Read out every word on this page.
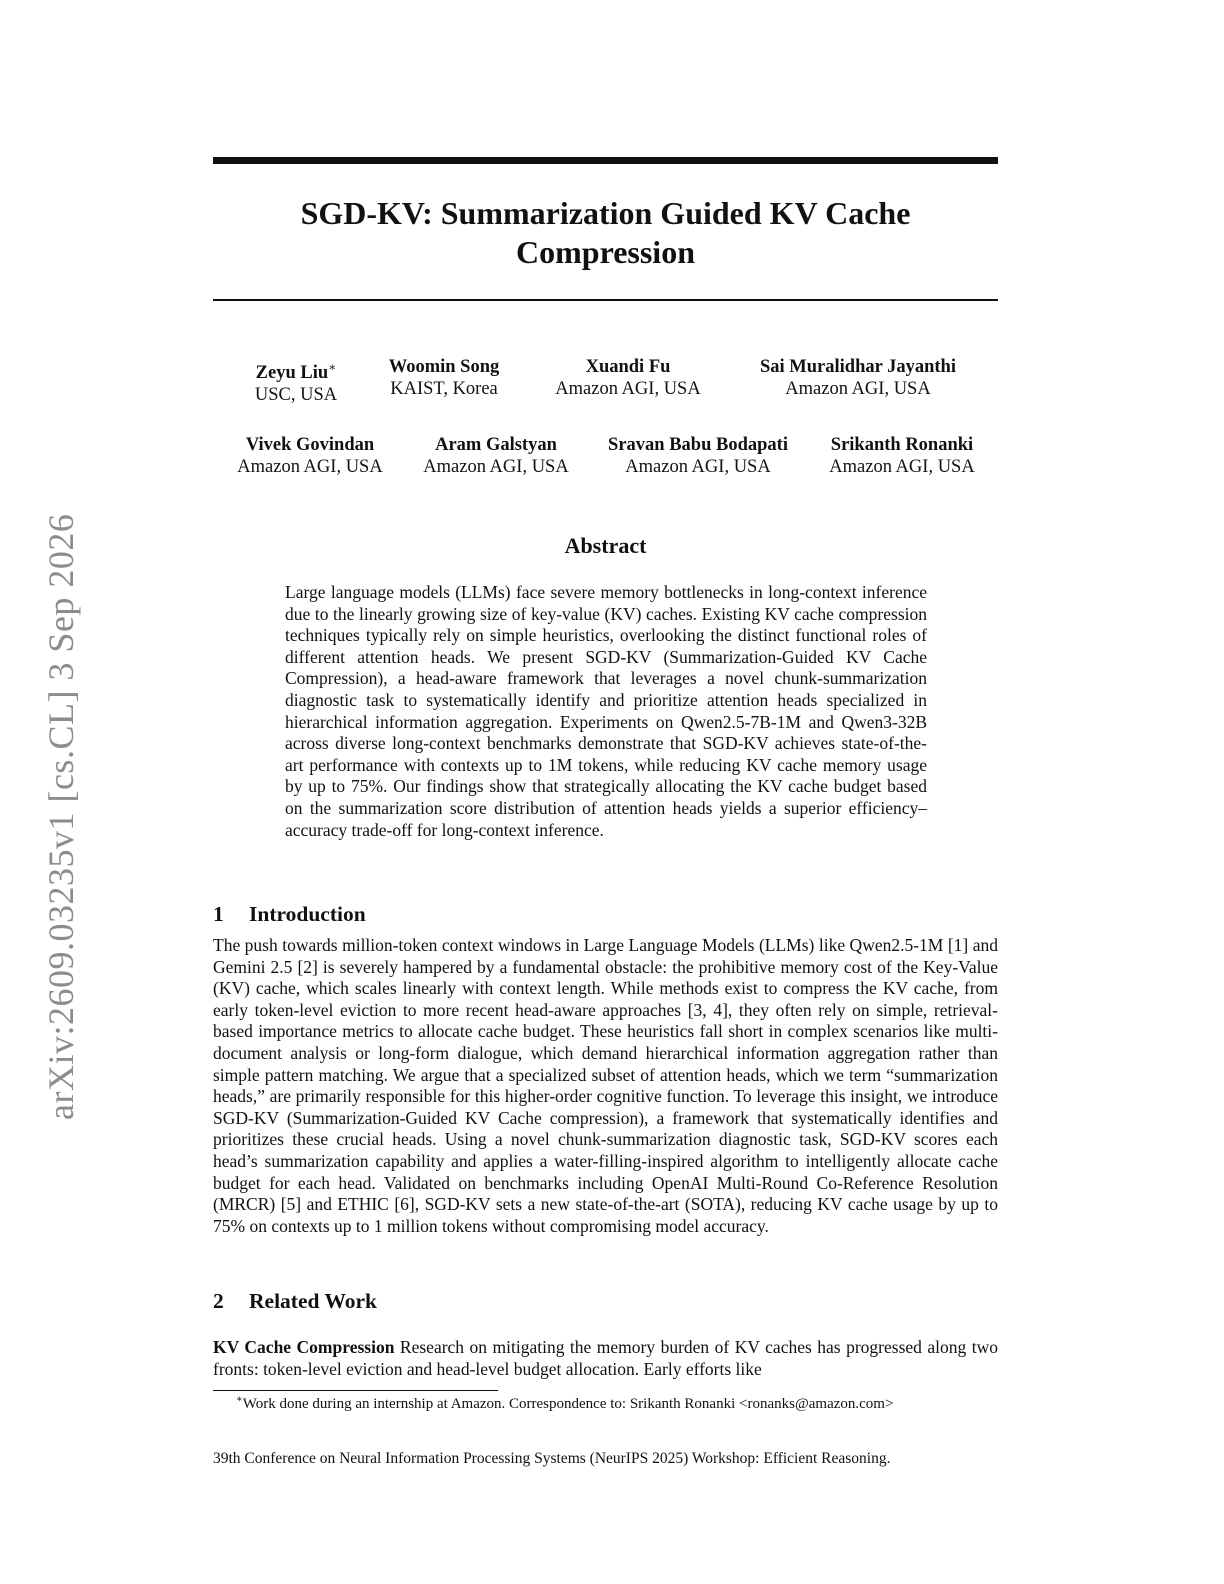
arXiv:2609.03235v1 [cs.CL] 3 Sep 2026
SGD-KV: Summarization Guided KV Cache Compression
Zeyu Liu∗
USC, USA
Woomin Song
KAIST, Korea
Xuandi Fu
Amazon AGI, USA
Sai Muralidhar Jayanthi
Amazon AGI, USA
Vivek Govindan
Amazon AGI, USA
Aram Galstyan
Amazon AGI, USA
Sravan Babu Bodapati
Amazon AGI, USA
Srikanth Ronanki
Amazon AGI, USA
Abstract
Large language models (LLMs) face severe memory bottlenecks in long-context inference due to the linearly growing size of key-value (KV) caches. Existing KV cache compression techniques typically rely on simple heuristics, overlooking the distinct functional roles of different attention heads. We present SGD-KV (Summarization-Guided KV Cache Compression), a head-aware framework that leverages a novel chunk-summarization diagnostic task to systematically identify and prioritize attention heads specialized in hierarchical information aggregation. Experiments on Qwen2.5-7B-1M and Qwen3-32B across diverse long-context benchmarks demonstrate that SGD-KV achieves state-of-the-art performance with contexts up to 1M tokens, while reducing KV cache memory usage by up to 75%. Our findings show that strategically allocating the KV cache budget based on the summarization score distribution of attention heads yields a superior efficiency–accuracy trade-off for long-context inference.
1 Introduction
The push towards million-token context windows in Large Language Models (LLMs) like Qwen2.5-1M [1] and Gemini 2.5 [2] is severely hampered by a fundamental obstacle: the prohibitive memory cost of the Key-Value (KV) cache, which scales linearly with context length. While methods exist to compress the KV cache, from early token-level eviction to more recent head-aware approaches [3, 4], they often rely on simple, retrieval-based importance metrics to allocate cache budget. These heuristics fall short in complex scenarios like multi-document analysis or long-form dialogue, which demand hierarchical information aggregation rather than simple pattern matching. We argue that a specialized subset of attention heads, which we term “summarization heads,” are primarily responsible for this higher-order cognitive function. To leverage this insight, we introduce SGD-KV (Summarization-Guided KV Cache compression), a framework that systematically identifies and prioritizes these crucial heads. Using a novel chunk-summarization diagnostic task, SGD-KV scores each head’s summarization capability and applies a water-filling-inspired algorithm to intelligently allocate cache budget for each head. Validated on benchmarks including OpenAI Multi-Round Co-Reference Resolution (MRCR) [5] and ETHIC [6], SGD-KV sets a new state-of-the-art (SOTA), reducing KV cache usage by up to 75% on contexts up to 1 million tokens without compromising model accuracy.
2 Related Work
KV Cache Compression Research on mitigating the memory burden of KV caches has progressed along two fronts: token-level eviction and head-level budget allocation. Early efforts like
∗Work done during an internship at Amazon. Correspondence to: Srikanth Ronanki <ronanks@amazon.com>
39th Conference on Neural Information Processing Systems (NeurIPS 2025) Workshop: Efficient Reasoning.
